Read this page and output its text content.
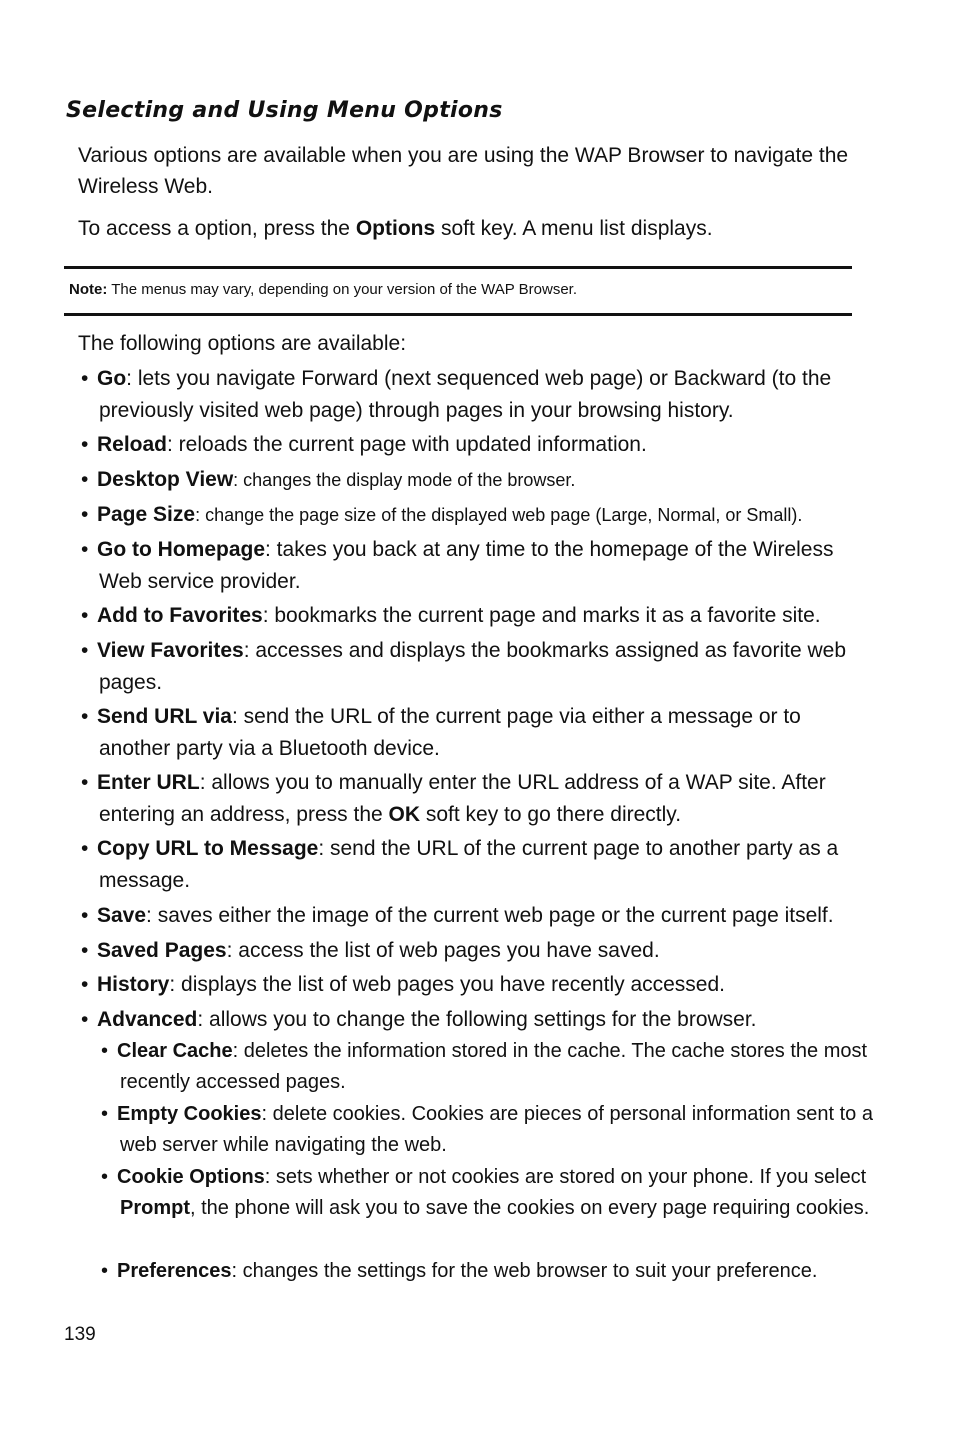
Selecting and Using Menu Options

Various options are available when you are using the WAP Browser to navigate the Wireless Web.

To access a option, press the Options soft key. A menu list displays.

Note: The menus may vary, depending on your version of the WAP Browser.

The following options are available:

• Go: lets you navigate Forward (next sequenced web page) or Backward (to the previously visited web page) through pages in your browsing history.
• Reload: reloads the current page with updated information.
• Desktop View: changes the display mode of the browser.
• Page Size: change the page size of the displayed web page (Large, Normal, or Small).
• Go to Homepage: takes you back at any time to the homepage of the Wireless Web service provider.
• Add to Favorites: bookmarks the current page and marks it as a favorite site.
• View Favorites: accesses and displays the bookmarks assigned as favorite web pages.
• Send URL via: send the URL of the current page via either a message or to another party via a Bluetooth device.
• Enter URL: allows you to manually enter the URL address of a WAP site. After entering an address, press the OK soft key to go there directly.
• Copy URL to Message: send the URL of the current page to another party as a message.
• Save: saves either the image of the current web page or the current page itself.
• Saved Pages: access the list of web pages you have saved.
• History: displays the list of web pages you have recently accessed.
• Advanced: allows you to change the following settings for the browser.
• Clear Cache: deletes the information stored in the cache. The cache stores the most recently accessed pages.
• Empty Cookies: delete cookies. Cookies are pieces of personal information sent to a web server while navigating the web.
• Cookie Options: sets whether or not cookies are stored on your phone. If you select Prompt, the phone will ask you to save the cookies on every page requiring cookies.
• Preferences: changes the settings for the web browser to suit your preference.
139
